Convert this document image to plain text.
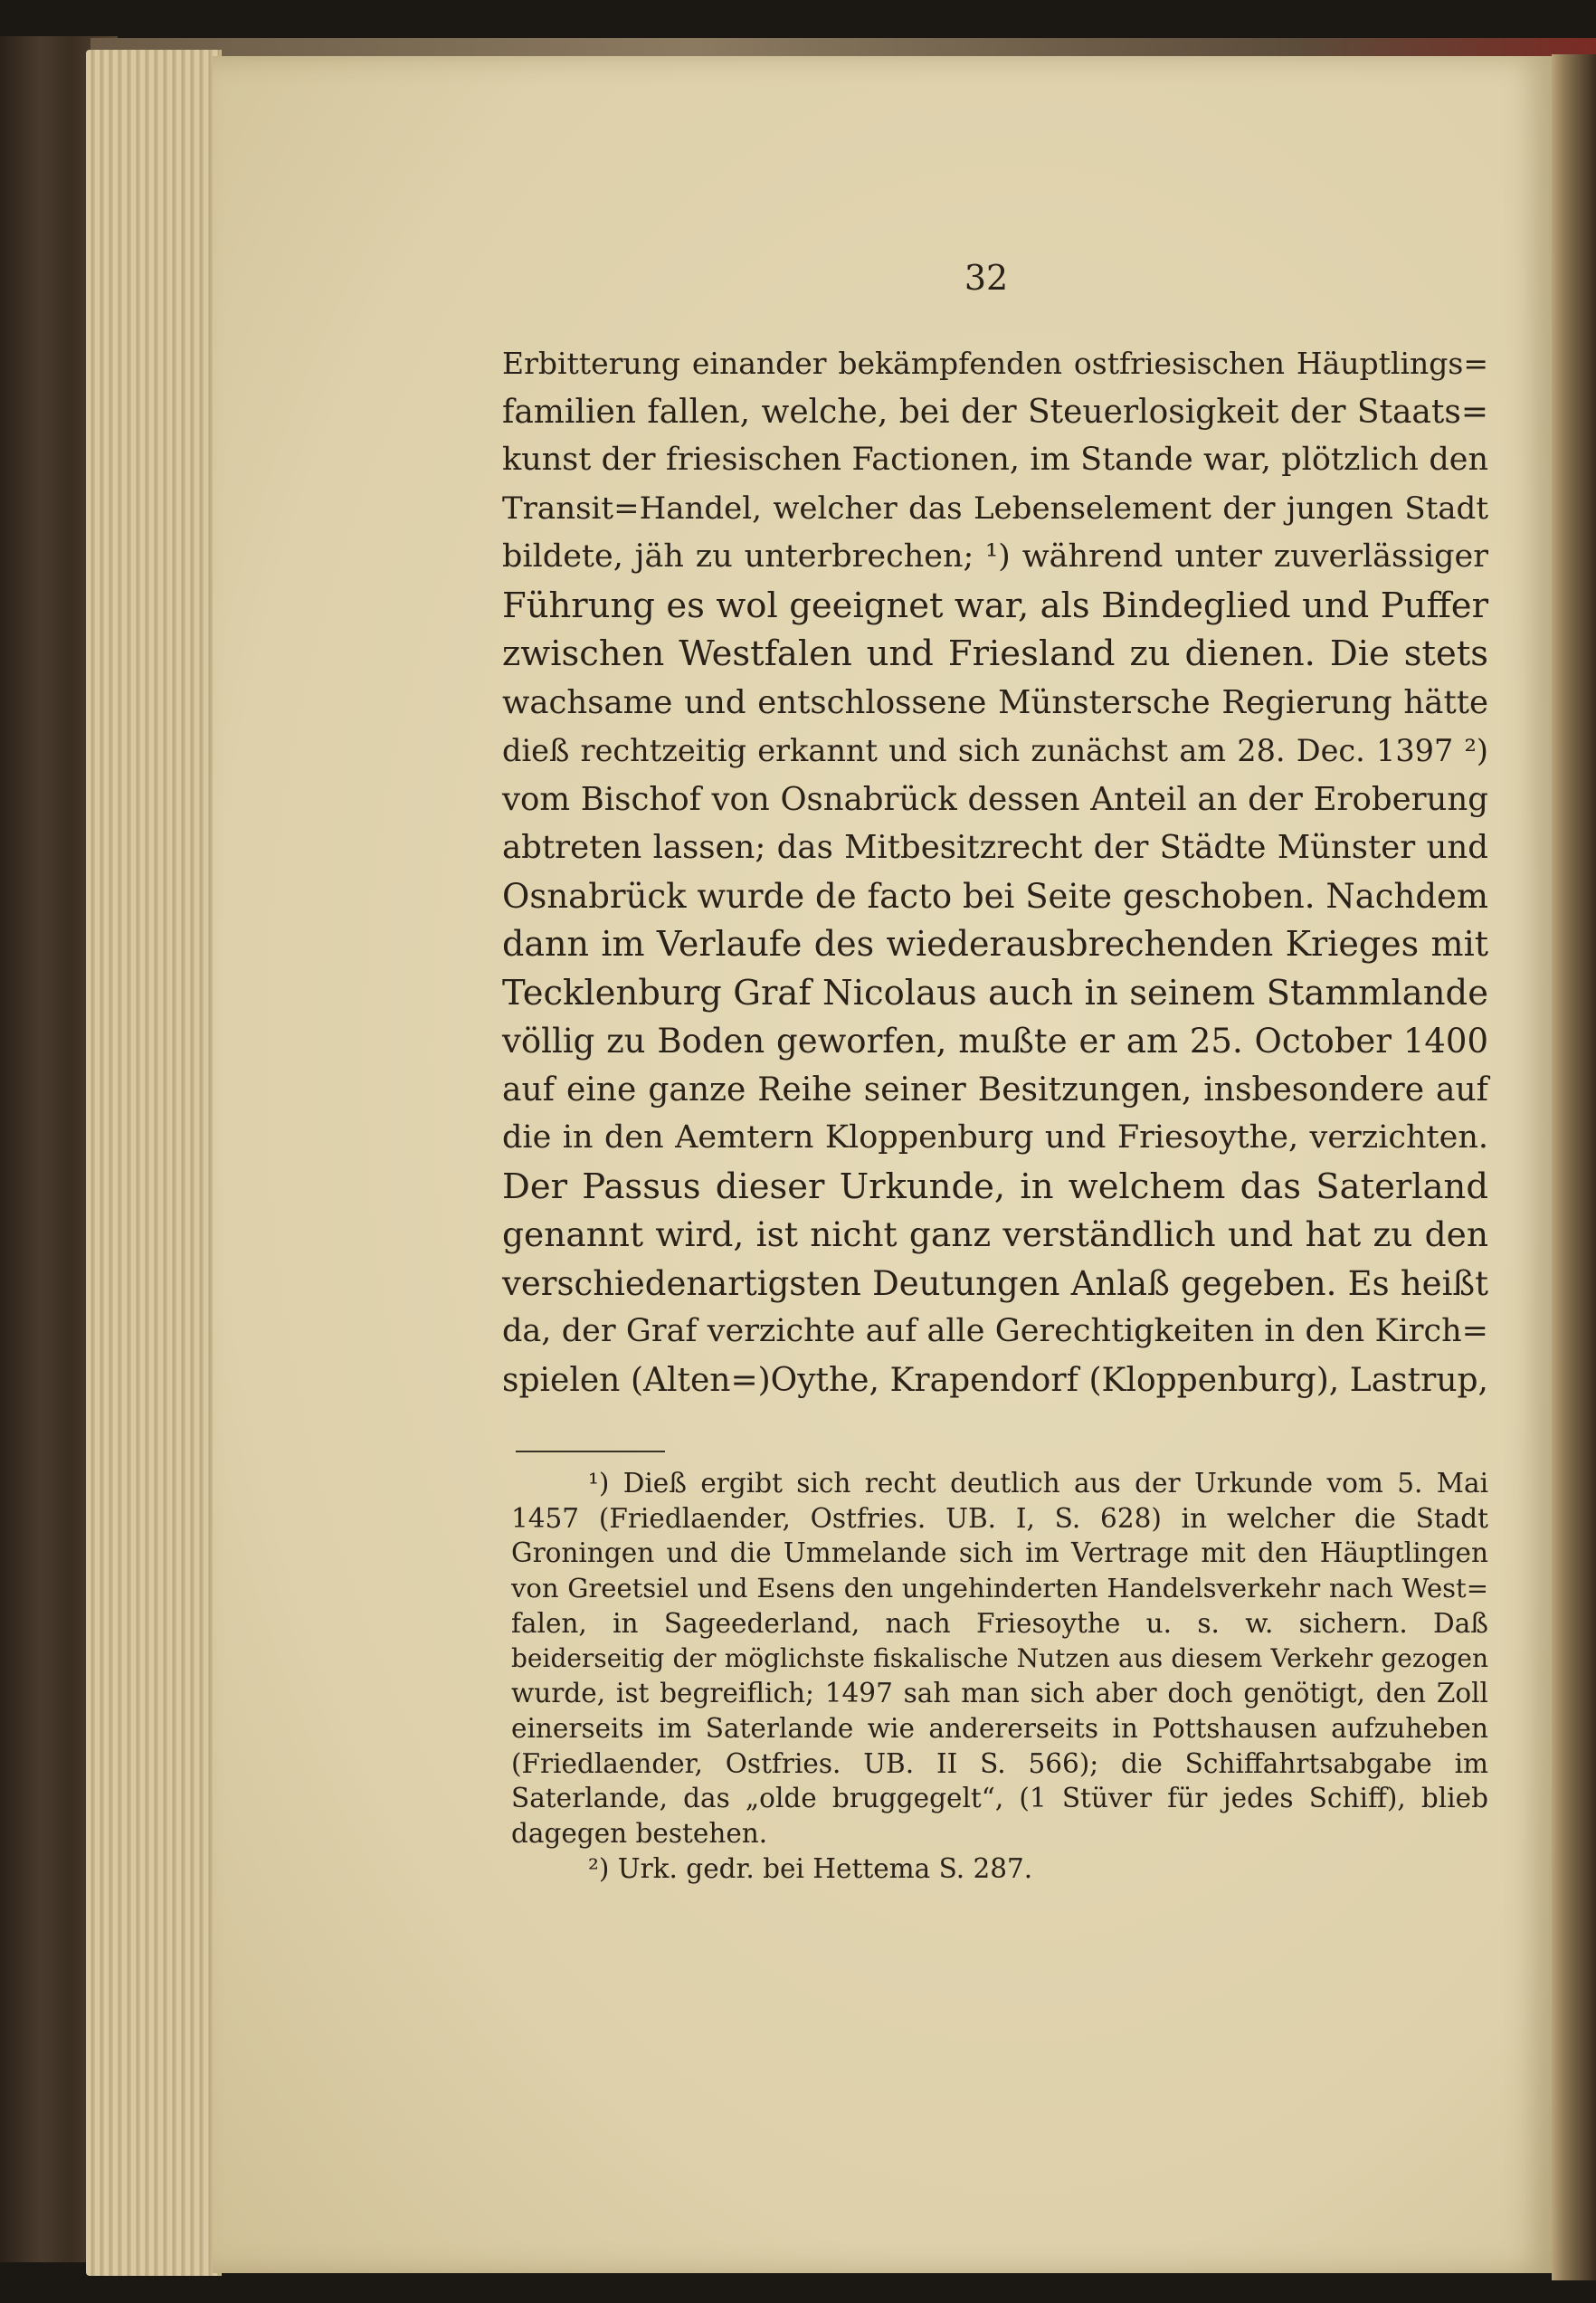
32

Erbitterung einander bekämpfenden ostfriesischen Häuptlings=

familien fallen, welche, bei der Steuerlosigkeit der Staats=

kunst der friesischen Factionen, im Stande war, plötzlich den

Transit=Handel, welcher das Lebenselement der jungen Stadt

bildete, jäh zu unterbrechen; ¹) während unter zuverlässiger

Führung es wol geeignet war, als Bindeglied und Puffer

zwischen Westfalen und Friesland zu dienen. Die stets

wachsame und entschlossene Münstersche Regierung hätte

dieß rechtzeitig erkannt und sich zunächst am 28. Dec. 1397 ²)

vom Bischof von Osnabrück dessen Anteil an der Eroberung

abtreten lassen; das Mitbesitzrecht der Städte Münster und

Osnabrück wurde de facto bei Seite geschoben. Nachdem

dann im Verlaufe des wiederausbrechenden Krieges mit

Tecklenburg Graf Nicolaus auch in seinem Stammlande

völlig zu Boden geworfen, mußte er am 25. October 1400

auf eine ganze Reihe seiner Besitzungen, insbesondere auf

die in den Aemtern Kloppenburg und Friesoythe, verzichten.

Der Passus dieser Urkunde, in welchem das Saterland

genannt wird, ist nicht ganz verständlich und hat zu den

verschiedenartigsten Deutungen Anlaß gegeben. Es heißt

da, der Graf verzichte auf alle Gerechtigkeiten in den Kirch=

spielen (Alten=)Oythe, Krapendorf (Kloppenburg), Lastrup,

¹) Dieß ergibt sich recht deutlich aus der Urkunde vom 5. Mai

1457 (Friedlaender, Ostfries. UB. I, S. 628) in welcher die Stadt

Groningen und die Ummelande sich im Vertrage mit den Häuptlingen

von Greetsiel und Esens den ungehinderten Handelsverkehr nach West=

falen, in Sageederland, nach Friesoythe u. s. w. sichern. Daß

beiderseitig der möglichste fiskalische Nutzen aus diesem Verkehr gezogen

wurde, ist begreiflich; 1497 sah man sich aber doch genötigt, den Zoll

einerseits im Saterlande wie andererseits in Pottshausen aufzuheben

(Friedlaender, Ostfries. UB. II S. 566); die Schiffahrtsabgabe im

Saterlande, das „olde bruggegelt“, (1 Stüver für jedes Schiff), blieb

dagegen bestehen.

²) Urk. gedr. bei Hettema S. 287.
